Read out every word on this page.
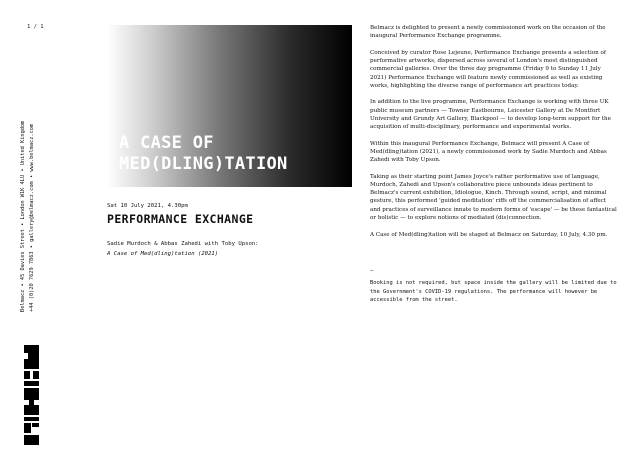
1 / 1
Belmacz • 45 Davies Street • London W1K 4LU • United Kingdom +44 (0)20 7629 7863 • gallery@belmacz.com • www.belmacz.com	A CASE OF
MED(DLING)TATION
Sat 10 July 2021, 4.30pm
PERFORMANCE EXCHANGE
Sadie Murdoch & Abbas Zahedi with Toby Upson:
A Case of Med(dling)tation (2021)

Belmacz is delighted to present a newly commissioned work on the occasion of the inaugural Performance Exchange programme.

Conceived by curator Rose Lejeune, Performance Exchange presents a selection of performative artworks, dispersed across several of London's most distinguished commercial galleries. Over the three day programme (Friday 9 to Sunday 11 July 2021) Performance Exchange will feature newly commissioned as well as existing works, highlighting the diverse range of performance art practices today.

In addition to the live programme, Performance Exchange is working with three UK public museum partners — Towner Eastbourne, Leicester Gallery at De Montfort University and Grundy Art Gallery, Blackpool — to develop long-term support for the acquisition of multi-disciplinary, performance and experimental works.

Within this inaugural Performance Exchange, Belmacz will present A Case of Med(dling)tation (2021), a newly commissioned work by Sadie Murdoch and Abbas Zahedi with Toby Upson.

Taking as their starting point James Joyce's rather performative use of language, Murdoch, Zahedi and Upson's collaborative piece unbounds ideas pertinent to Belmacz's current exhibition, Idiologue, Kinch. Through sound, script, and minimal gesture, this performed 'guided meditation' riffs off the commercialisation of affect and practices of surveillance innate to modern forms of 'escape' — be these fantastical or holistic — to explore notions of mediated (dis)connection.

A Case of Med(dling)tation will be staged at Belmacz on Saturday, 10 July, 4.30 pm.

—
Booking is not required, but space inside the gallery will be limited due to the Government's COVID-19 regulations. The performance will however be accessible from the street.
